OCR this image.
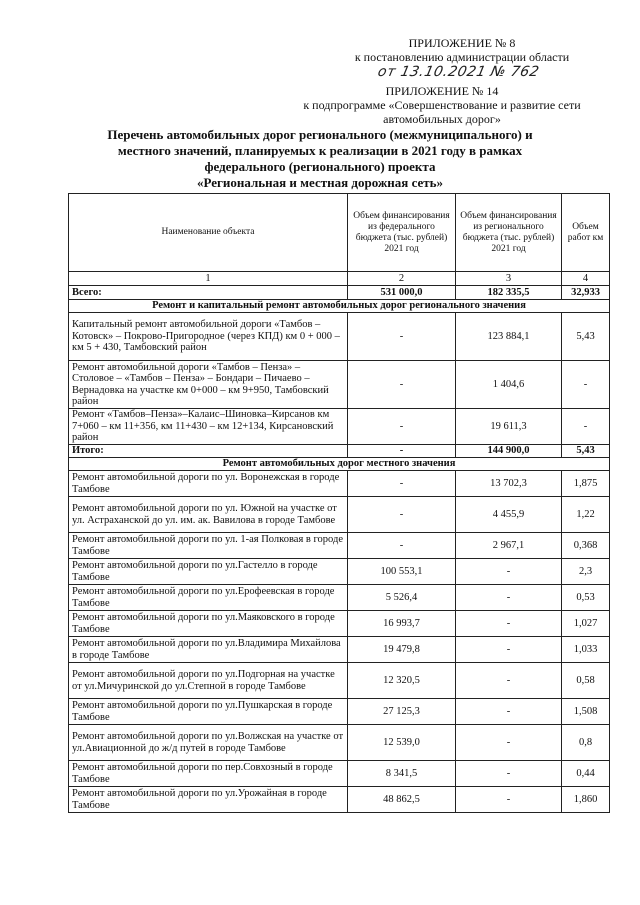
ПРИЛОЖЕНИЕ № 8
к постановлению администрации области
от 13.10.2021 № 762
ПРИЛОЖЕНИЕ № 14
к подпрограмме «Совершенствование и развитие сети автомобильных дорог»
Перечень автомобильных дорог регионального (межмуниципального) и
местного значений, планируемых к реализации в 2021 году в рамках
федерального (регионального) проекта
«Региональная и местная дорожная сеть»
Наименование объекта	Объем финансирования из федерального бюджета (тыс. рублей) 2021 год	Объем финансирования из регионального бюджета (тыс. рублей) 2021 год	Объем работ км
1	2	3	4
Всего:	531 000,0	182 335,5	32,933
Ремонт и капитальный ремонт автомобильных дорог регионального значения			
Капитальный ремонт автомобильной дороги «Тамбов – Котовск» – Покрово-Пригородное (через КПД) км 0 + 000 – км 5 + 430, Тамбовский район	-	123 884,1	5,43
Ремонт автомобильной дороги «Тамбов – Пенза» – Столовое – «Тамбов – Пенза» – Бондари – Пичаево – Вернадовка на участке км 0+000 – км 9+950, Тамбовский район	-	1 404,6	-
Ремонт «Тамбов–Пенза»–Калаис–Шиновка–Кирсанов км 7+060 – км 11+356, км 11+430 – км 12+134, Кирсановский район	-	19 611,3	-
Итого:	-	144 900,0	5,43
Ремонт автомобильных дорог местного значения			
Ремонт автомобильной дороги по ул. Воронежская в городе Тамбове	-	13 702,3	1,875
Ремонт автомобильной дороги по ул. Южной на участке от ул. Астраханской до ул. им. ак. Вавилова в городе Тамбове	-	4 455,9	1,22
Ремонт автомобильной дороги по ул. 1-ая Полковая в городе Тамбове	-	2 967,1	0,368
Ремонт автомобильной дороги по ул.Гастелло в городе Тамбове	100 553,1	-	2,3
Ремонт автомобильной дороги по ул.Ерофеевская в городе Тамбове	5 526,4	-	0,53
Ремонт автомобильной дороги по ул.Маяковского в городе Тамбове	16 993,7	-	1,027
Ремонт автомобильной дороги по ул.Владимира Михайлова в городе Тамбове	19 479,8	-	1,033
Ремонт автомобильной дороги по ул.Подгорная на участке от ул.Мичуринской до ул.Степной в городе Тамбове	12 320,5	-	0,58
Ремонт автомобильной дороги по ул.Пушкарская в городе Тамбове	27 125,3	-	1,508
Ремонт автомобильной дороги по ул.Волжская на участке от ул.Авиационной до ж/д путей в городе Тамбове	12 539,0	-	0,8
Ремонт автомобильной дороги по пер.Совхозный в городе Тамбове	8 341,5	-	0,44
Ремонт автомобильной дороги по ул.Урожайная в городе Тамбове	48 862,5	-	1,860
